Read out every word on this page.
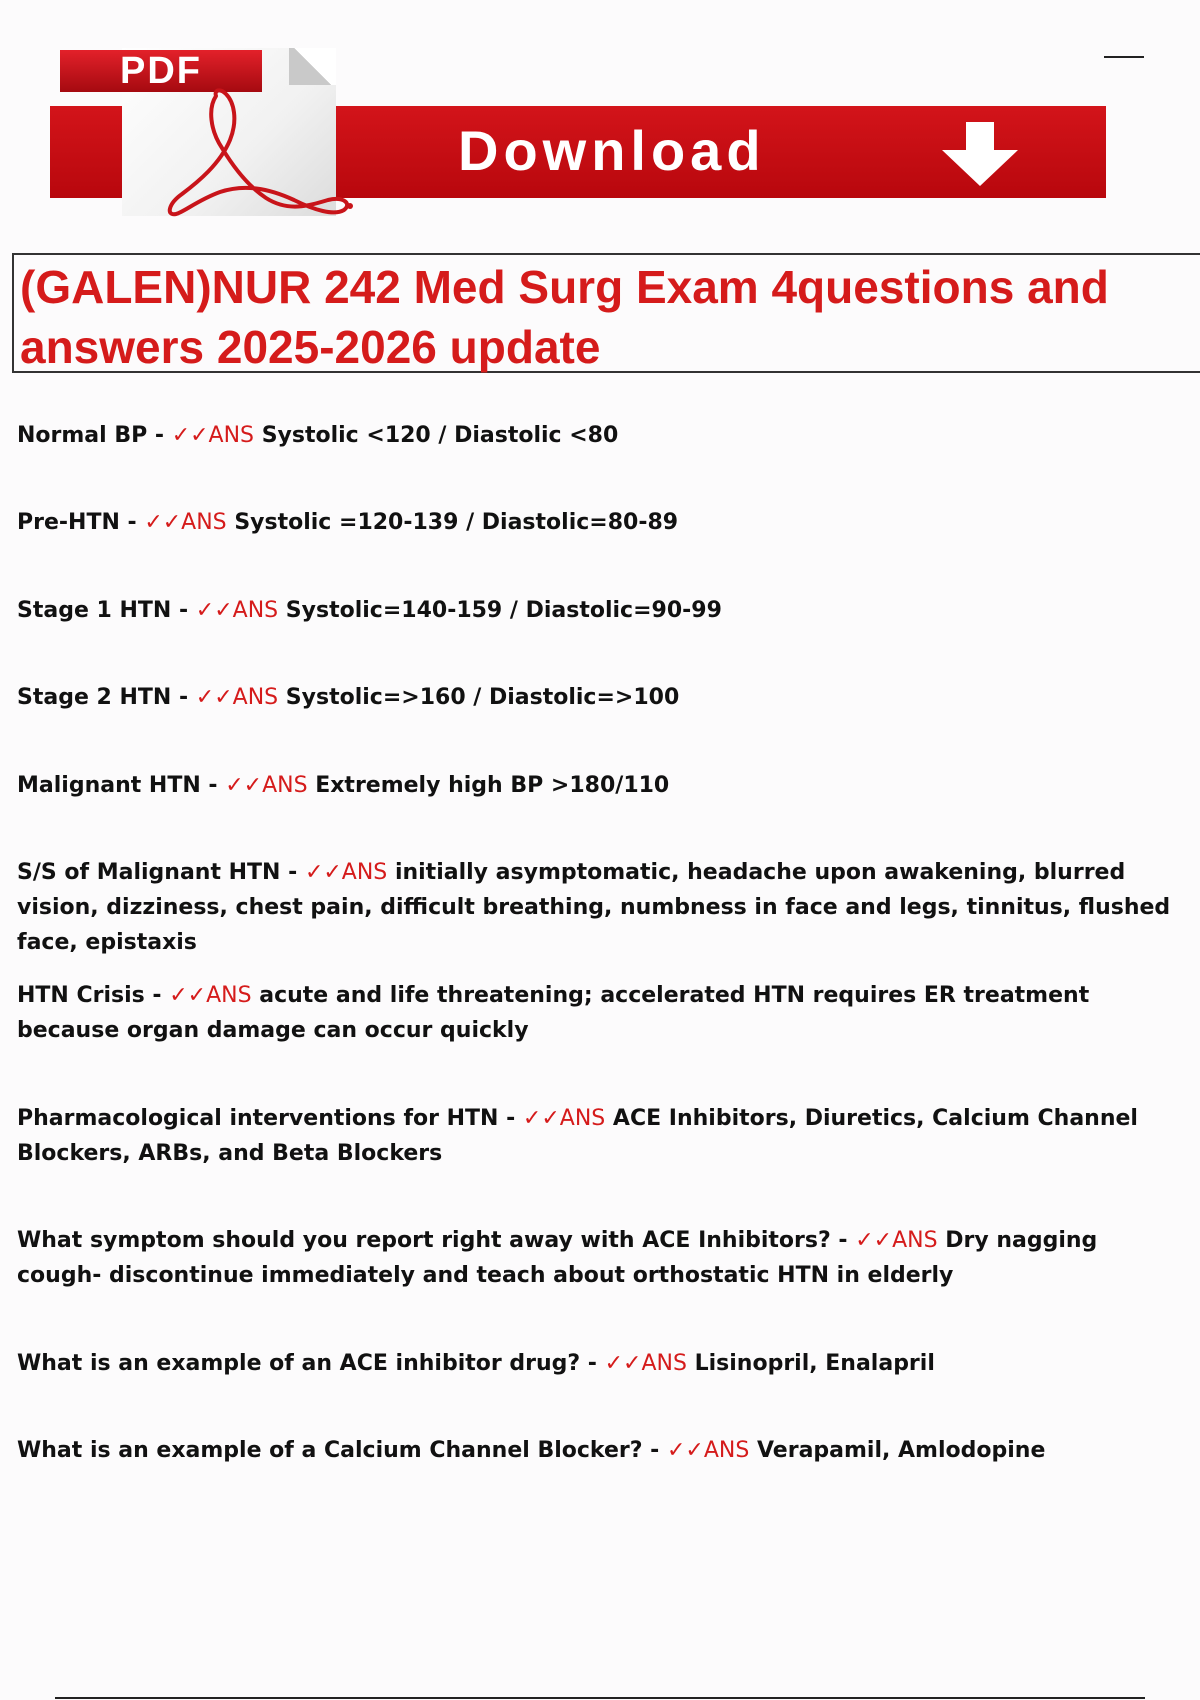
PDF
Download
(GALEN)NUR 242 Med Surg Exam 4questions and answers 2025-2026 update

Normal BP - ✓✓ANS Systolic <120 / Diastolic <80

Pre-HTN - ✓✓ANS Systolic =120-139 / Diastolic=80-89

Stage 1 HTN - ✓✓ANS Systolic=140-159 / Diastolic=90-99

Stage 2 HTN - ✓✓ANS Systolic=>160 / Diastolic=>100

Malignant HTN - ✓✓ANS Extremely high BP >180/110

S/S of Malignant HTN - ✓✓ANS initially asymptomatic, headache upon awakening, blurred vision, dizziness, chest pain, difficult breathing, numbness in face and legs, tinnitus, flushed face, epistaxis

HTN Crisis - ✓✓ANS acute and life threatening; accelerated HTN requires ER treatment because organ damage can occur quickly

Pharmacological interventions for HTN - ✓✓ANS ACE Inhibitors, Diuretics, Calcium Channel Blockers, ARBs, and Beta Blockers

What symptom should you report right away with ACE Inhibitors? - ✓✓ANS Dry nagging cough- discontinue immediately and teach about orthostatic HTN in elderly

What is an example of an ACE inhibitor drug? - ✓✓ANS Lisinopril, Enalapril

What is an example of a Calcium Channel Blocker? - ✓✓ANS Verapamil, Amlodopine
